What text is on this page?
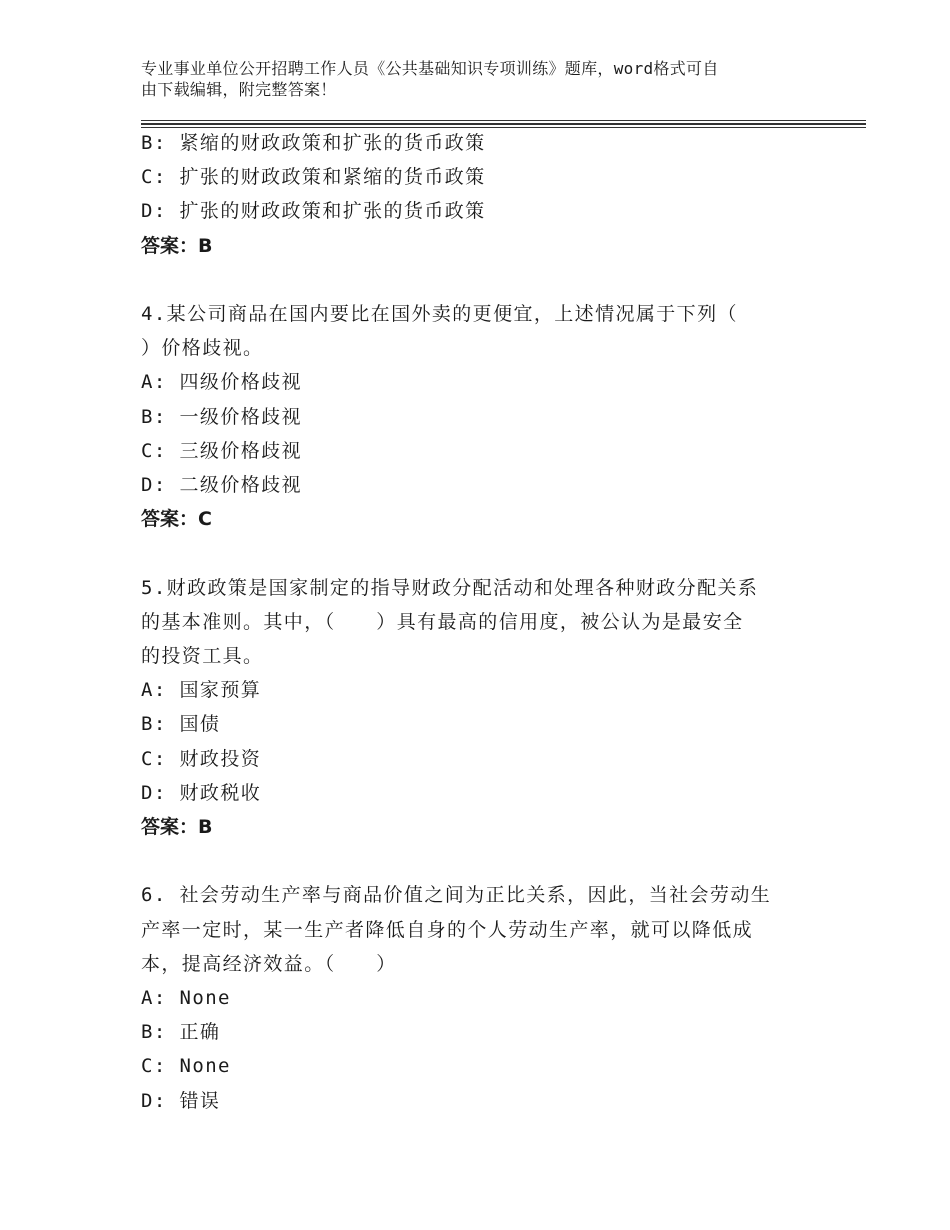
专业事业单位公开招聘工作人员《公共基础知识专项训练》题库，word格式可自
由下载编辑，附完整答案！
B: 紧缩的财政政策和扩张的货币政策
C: 扩张的财政政策和紧缩的货币政策
D: 扩张的财政政策和扩张的货币政策
答案：B
4.某公司商品在国内要比在国外卖的更便宜，上述情况属于下列（
）价格歧视。
A: 四级价格歧视
B: 一级价格歧视
C: 三级价格歧视
D: 二级价格歧视
答案：C
5.财政政策是国家制定的指导财政分配活动和处理各种财政分配关系
的基本准则。其中，（　　）具有最高的信用度，被公认为是最安全
的投资工具。
A: 国家预算
B: 国债
C: 财政投资
D: 财政税收
答案：B
6. 社会劳动生产率与商品价值之间为正比关系，因此，当社会劳动生
产率一定时，某一生产者降低自身的个人劳动生产率，就可以降低成
本，提高经济效益。（　　）
A: None
B: 正确
C: None
D: 错误
